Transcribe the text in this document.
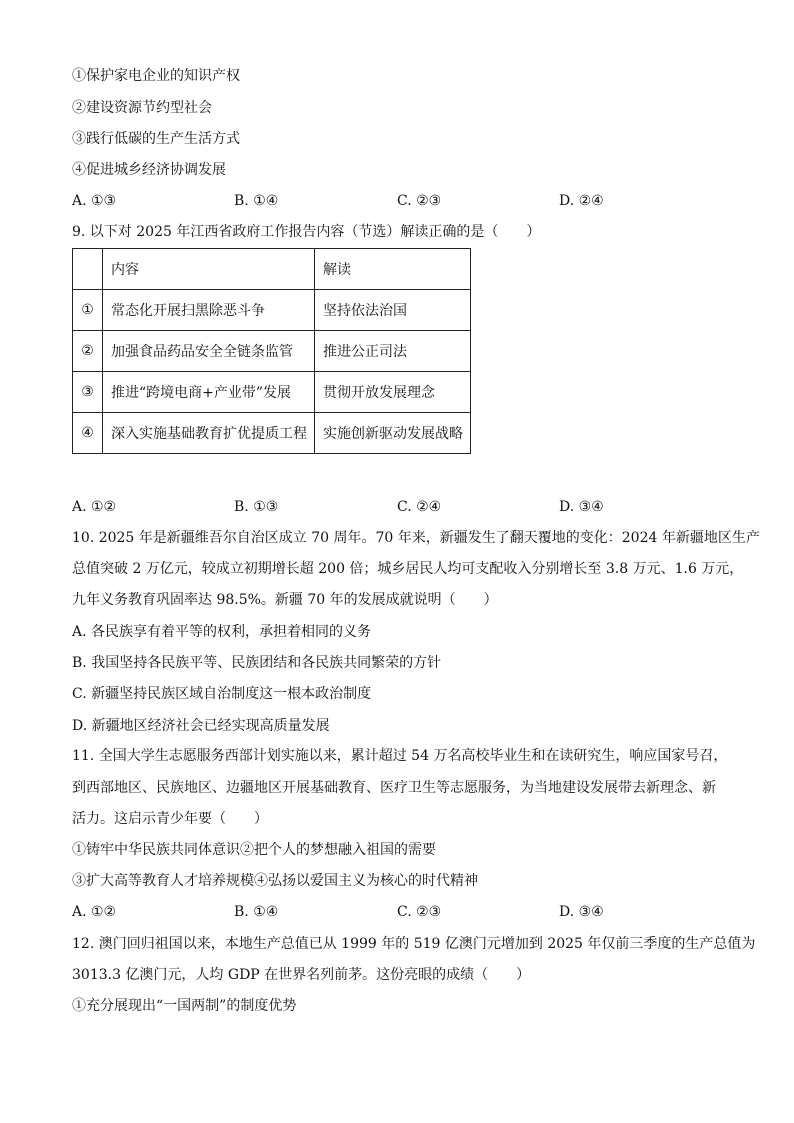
①保护家电企业的知识产权
②建设资源节约型社会
③践行低碳的生产生活方式
④促进城乡经济协调发展
A. ①③	B. ①④	C. ②③	D. ②④
9. 以下对 2025 年江西省政府工作报告内容（节选）解读正确的是（　　）
	内容	解读
①	常态化开展扫黑除恶斗争	坚持依法治国
②	加强食品药品安全全链条监管	推进公正司法
③	推进“跨境电商+产业带”发展	贯彻开放发展理念
④	深入实施基础教育扩优提质工程	实施创新驱动发展战略
A. ①②	B. ①③	C. ②④	D. ③④
10. 2025 年是新疆维吾尔自治区成立 70 周年。70 年来，新疆发生了翻天覆地的变化：2024 年新疆地区生产
总值突破 2 万亿元，较成立初期增长超 200 倍；城乡居民人均可支配收入分别增长至 3.8 万元、1.6 万元，
九年义务教育巩固率达 98.5%。新疆 70 年的发展成就说明（　　）
A. 各民族享有着平等的权利，承担着相同的义务
B. 我国坚持各民族平等、民族团结和各民族共同繁荣的方针
C. 新疆坚持民族区域自治制度这一根本政治制度
D. 新疆地区经济社会已经实现高质量发展
11. 全国大学生志愿服务西部计划实施以来，累计超过 54 万名高校毕业生和在读研究生，响应国家号召，
到西部地区、民族地区、边疆地区开展基础教育、医疗卫生等志愿服务，为当地建设发展带去新理念、新
活力。这启示青少年要（　　）
①铸牢中华民族共同体意识②把个人的梦想融入祖国的需要
③扩大高等教育人才培养规模④弘扬以爱国主义为核心的时代精神
A. ①②	B. ①④	C. ②③	D. ③④
12. 澳门回归祖国以来，本地生产总值已从 1999 年的 519 亿澳门元增加到 2025 年仅前三季度的生产总值为
3013.3 亿澳门元，人均 GDP 在世界名列前茅。这份亮眼的成绩（　　）
①充分展现出“一国两制”的制度优势
